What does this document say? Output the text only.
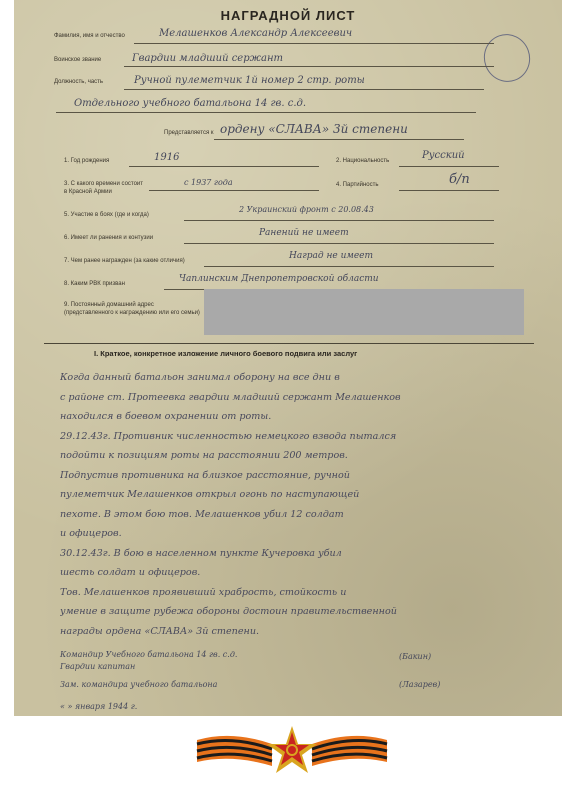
НАГРАДНОЙ ЛИСТ
Фамилия, имя и отчество	Мелашенков Александр Алексеевич
Воинское звание	Гвардии младший сержант
Должность, часть	Ручной пулеметчик 1й номер 2 стр. роты
Отдельного учебного батальона 14 гв. с.д.
Представляется к ордену «СЛАВА» 3й степени
1. Год рождения	1916	2. Национальность	Русский
3. С какого времени состоит в Красной Армии
с 1937 года	4. Партийность	б/п
5. Участие в боях (где и когда)
2 Украинский фронт с 20.08.43
6. Имеет ли ранения и контузии	Ранений не имеет
7. Чем ранее награжден (за какие отличия)	Наград не имеет
8. Каким РВК призван	Чаплинским Днепропетровской области
9. Постоянный домашний адрес (представленного к награждению или его семьи)
I. Краткое, конкретное изложение личного боевого подвига или заслуг
Когда данный батальон занимал оборону на все дни в
с районе ст. Протеевка гвардии младший сержант Мелашенков
находился в боевом охранении от роты.
29.12.43г. Противник численностью немецкого взвода пытался
подойти к позициям роты на расстоянии 200 метров.
Подпустив противника на близкое расстояние, ручной
пулеметчик Мелашенков открыл огонь по наступающей
пехоте. В этом бою тов. Мелашенков убил 12 солдат
и офицеров.
30.12.43г. В бою в населенном пункте Кучеровка убил
шесть солдат и офицеров.
Тов. Мелашенков проявивший храбрость, стойкость и
умение в защите рубежа обороны достоин правительственной
награды ордена «СЛАВА» 3й степени.
Командир Учебного батальона 14 гв. с.д.
Гвардии капитан
(Бакин)
Зам. командира учебного батальона	(Лазарев)
« » января 1944 г.
